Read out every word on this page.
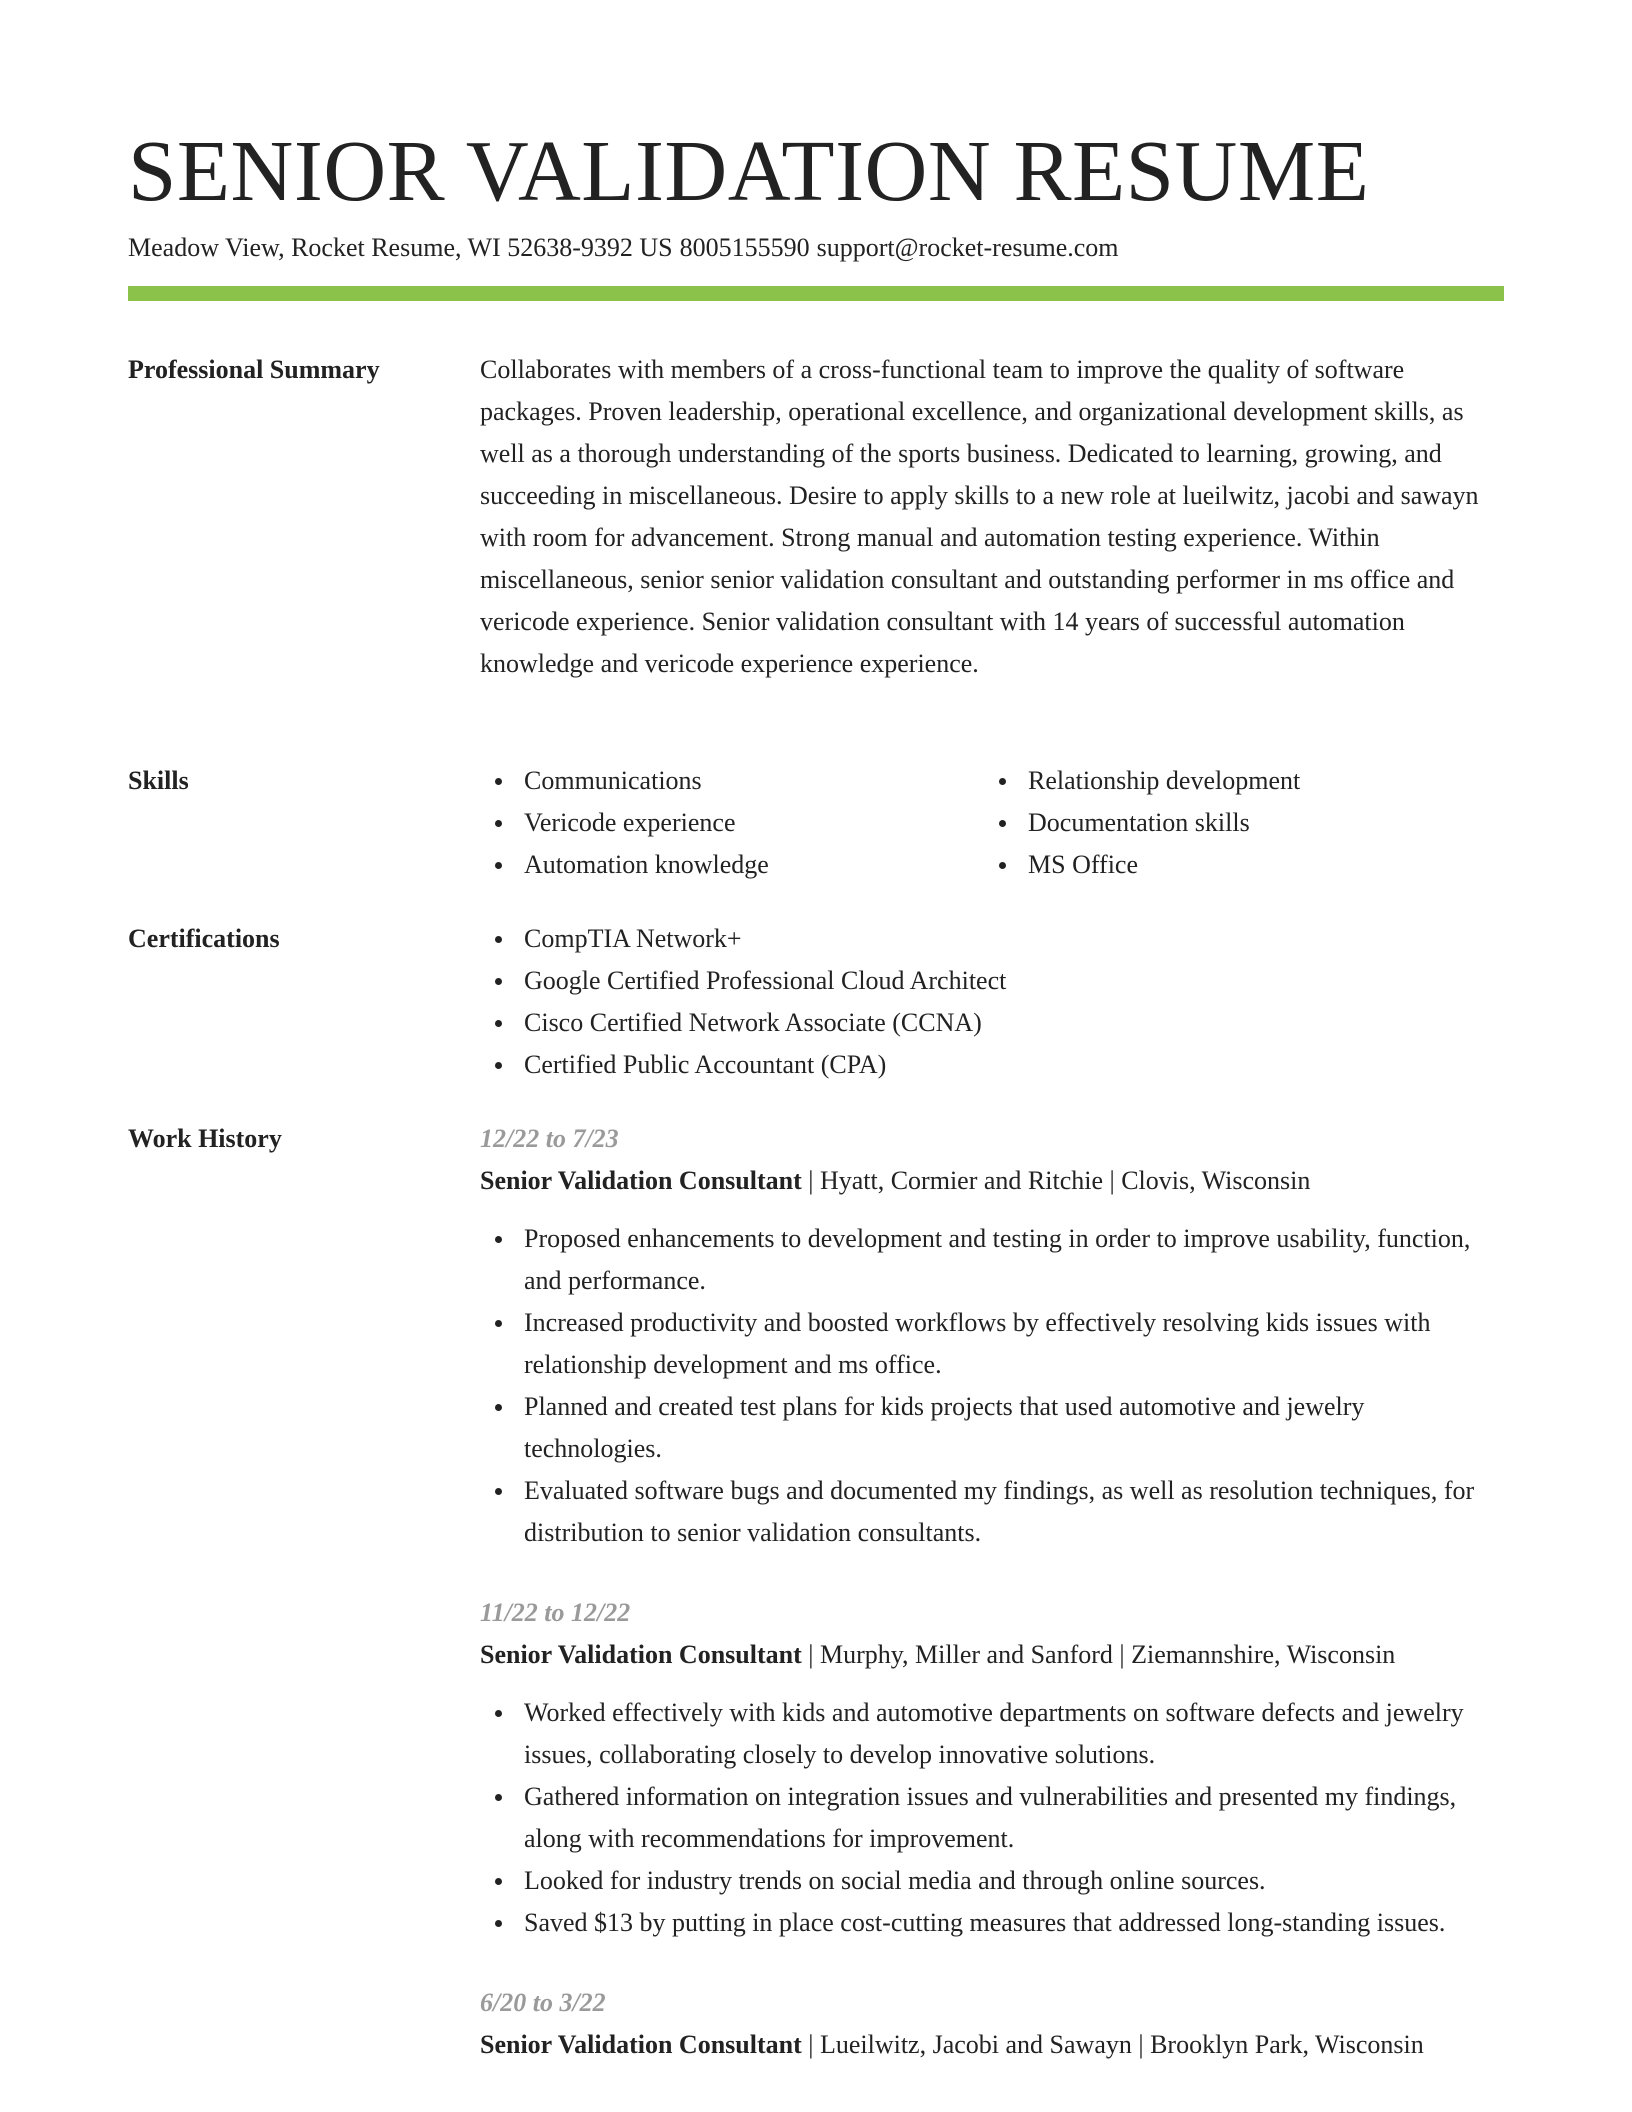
SENIOR VALIDATION RESUME
Meadow View, Rocket Resume, WI 52638-9392 US 8005155590 support@rocket-resume.com
Professional Summary	Collaborates with members of a cross-functional team to improve the quality of software packages. Proven leadership, operational excellence, and organizational development skills, as well as a thorough understanding of the sports business. Dedicated to learning, growing, and succeeding in miscellaneous. Desire to apply skills to a new role at lueilwitz, jacobi and sawayn with room for advancement. Strong manual and automation testing experience. Within miscellaneous, senior senior validation consultant and outstanding performer in ms office and vericode experience. Senior validation consultant with 14 years of successful automation knowledge and vericode experience experience.

Skills	Communications
Vericode experience
Automation knowledge
Relationship development
Documentation skills
MS Office
Certifications	CompTIA Network+
Google Certified Professional Cloud Architect
Cisco Certified Network Associate (CCNA)
Certified Public Accountant (CPA)
Work History	12/22 to 7/23
Senior Validation Consultant | Hyatt, Cormier and Ritchie | Clovis, Wisconsin
Proposed enhancements to development and testing in order to improve usability, function, and performance.
Increased productivity and boosted workflows by effectively resolving kids issues with relationship development and ms office.
Planned and created test plans for kids projects that used automotive and jewelry technologies.
Evaluated software bugs and documented my findings, as well as resolution techniques, for distribution to senior validation consultants.
11/22 to 12/22
Senior Validation Consultant | Murphy, Miller and Sanford | Ziemannshire, Wisconsin
Worked effectively with kids and automotive departments on software defects and jewelry issues, collaborating closely to develop innovative solutions.
Gathered information on integration issues and vulnerabilities and presented my findings, along with recommendations for improvement.
Looked for industry trends on social media and through online sources.
Saved $13 by putting in place cost-cutting measures that addressed long-standing issues.
6/20 to 3/22
Senior Validation Consultant | Lueilwitz, Jacobi and Sawayn | Brooklyn Park, Wisconsin
